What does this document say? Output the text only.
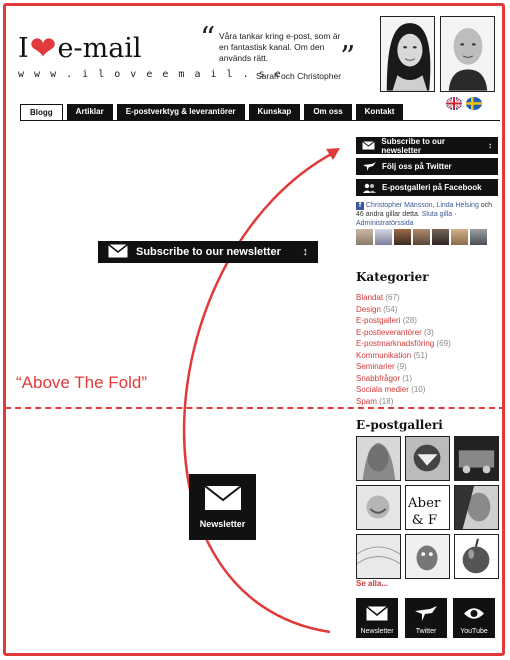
I ❤ e-mail
w w w . i l o v e e m a i l . s e
“ Våra tankar kring e-post, som är en fantastisk kanal. Om den används rätt.	”
Sarah och Christopher
Blogg	Artiklar	E-postverktyg & leverantörer	Kunskap	Om oss	Kontakt
Subscribe to our newsletter	↕
Följ oss på Twitter
E-postgalleri på Facebook
f Christopher Mänsson, Linda Helsing och 46 andra gillar detta. Sluta gilla · Administratörssida
Kategorier
Blandat (67)
Design (54)
E-postgalleri (28)
E-postleverantörer (3)
E-postmarknadsföring (69)
Kommunikation (51)
Seminarier (9)
Snabbfrågor (1)
Sociala medier (10)
Spam (18)
E-postgalleri
Aber
& F
Se alla...
Newsletter	Twitter	YouTube
Subscribe to our newsletter ↕
“Above The Fold”
Newsletter
